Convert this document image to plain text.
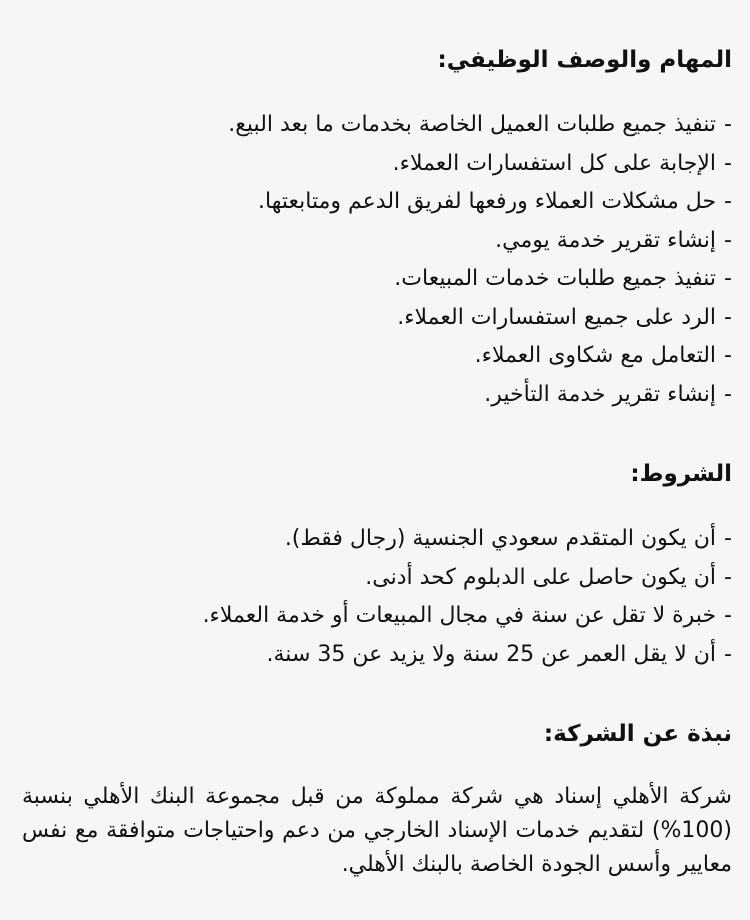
المهام والوصف الوظيفي:
-تنفيذ جميع طلبات العميل الخاصة بخدمات ما بعد البيع.
-الإجابة على كل استفسارات العملاء.
-حل مشكلات العملاء ورفعها لفريق الدعم ومتابعتها.
-إنشاء تقرير خدمة يومي.
-تنفيذ جميع طلبات خدمات المبيعات.
-الرد على جميع استفسارات العملاء.
-التعامل مع شكاوى العملاء.
-إنشاء تقرير خدمة التأخير.
الشروط:
-أن يكون المتقدم سعودي الجنسية (رجال فقط).
-أن يكون حاصل على الدبلوم كحد أدنى.
-خبرة لا تقل عن سنة في مجال المبيعات أو خدمة العملاء.
-أن لا يقل العمر عن 25 سنة ولا يزيد عن 35 سنة.
نبذة عن الشركة:

شركة الأهلي إسناد هي شركة مملوكة من قبل مجموعة البنك الأهلي بنسبة (100%) لتقديم خدمات الإسناد الخارجي من دعم واحتياجات متوافقة مع نفس معايير وأسس الجودة الخاصة بالبنك الأهلي.
